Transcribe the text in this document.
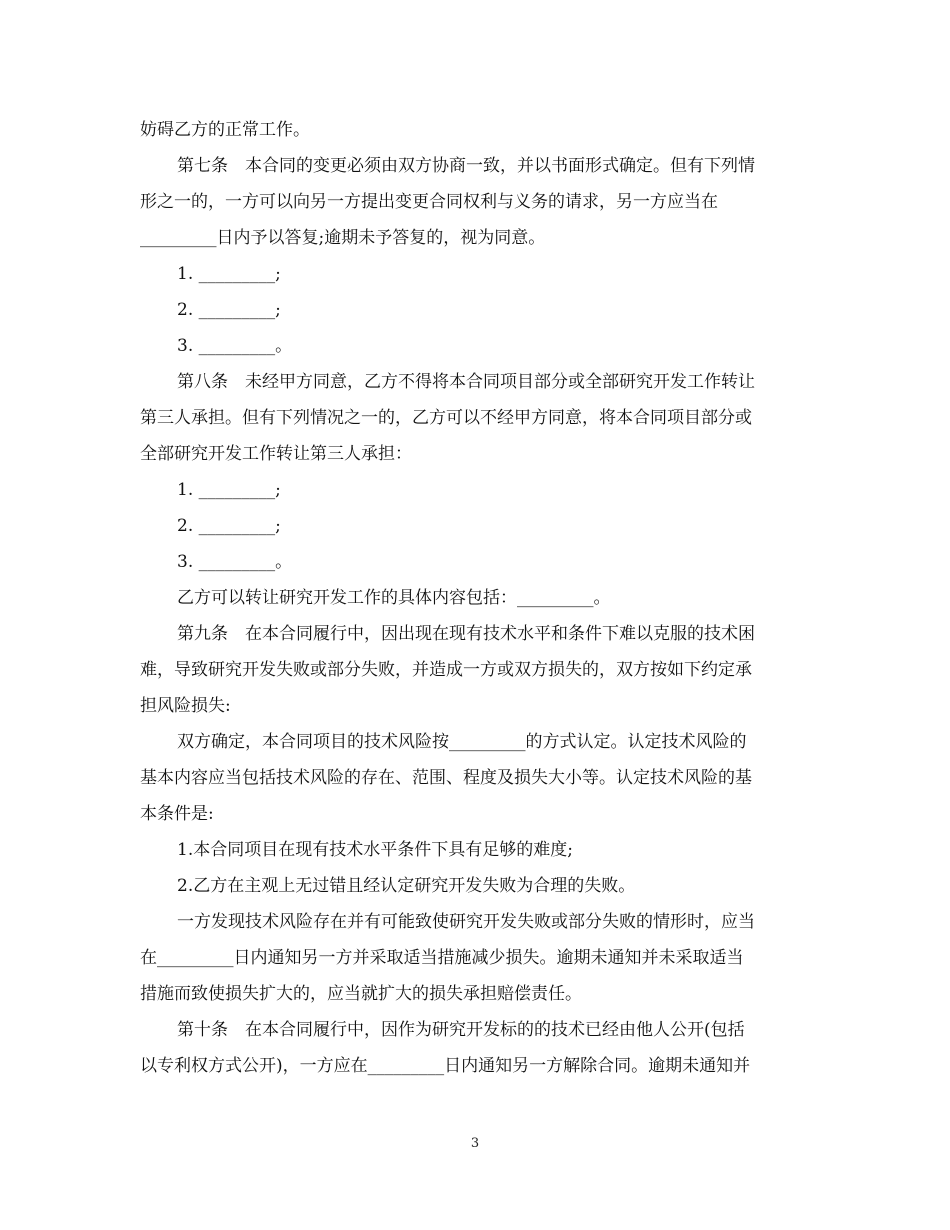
妨碍乙方的正常工作。

第七条　本合同的变更必须由双方协商一致，并以书面形式确定。但有下列情

形之一的，一方可以向另一方提出变更合同权利与义务的请求，另一方应当在

_________日内予以答复;逾期未予答复的，视为同意。

1. _________;

2. _________;

3. _________。

第八条　未经甲方同意，乙方不得将本合同项目部分或全部研究开发工作转让

第三人承担。但有下列情况之一的，乙方可以不经甲方同意，将本合同项目部分或

全部研究开发工作转让第三人承担：

1. _________;

2. _________;

3. _________。

乙方可以转让研究开发工作的具体内容包括：_________。

第九条　在本合同履行中，因出现在现有技术水平和条件下难以克服的技术困

难，导致研究开发失败或部分失败，并造成一方或双方损失的，双方按如下约定承

担风险损失:

双方确定，本合同项目的技术风险按_________的方式认定。认定技术风险的

基本内容应当包括技术风险的存在、范围、程度及损失大小等。认定技术风险的基

本条件是:

1.本合同项目在现有技术水平条件下具有足够的难度;

2.乙方在主观上无过错且经认定研究开发失败为合理的失败。

一方发现技术风险存在并有可能致使研究开发失败或部分失败的情形时，应当

在_________日内通知另一方并采取适当措施减少损失。逾期未通知并未采取适当

措施而致使损失扩大的，应当就扩大的损失承担赔偿责任。

第十条　在本合同履行中，因作为研究开发标的的技术已经由他人公开(包括

以专利权方式公开)，一方应在_________日内通知另一方解除合同。逾期未通知并

3
